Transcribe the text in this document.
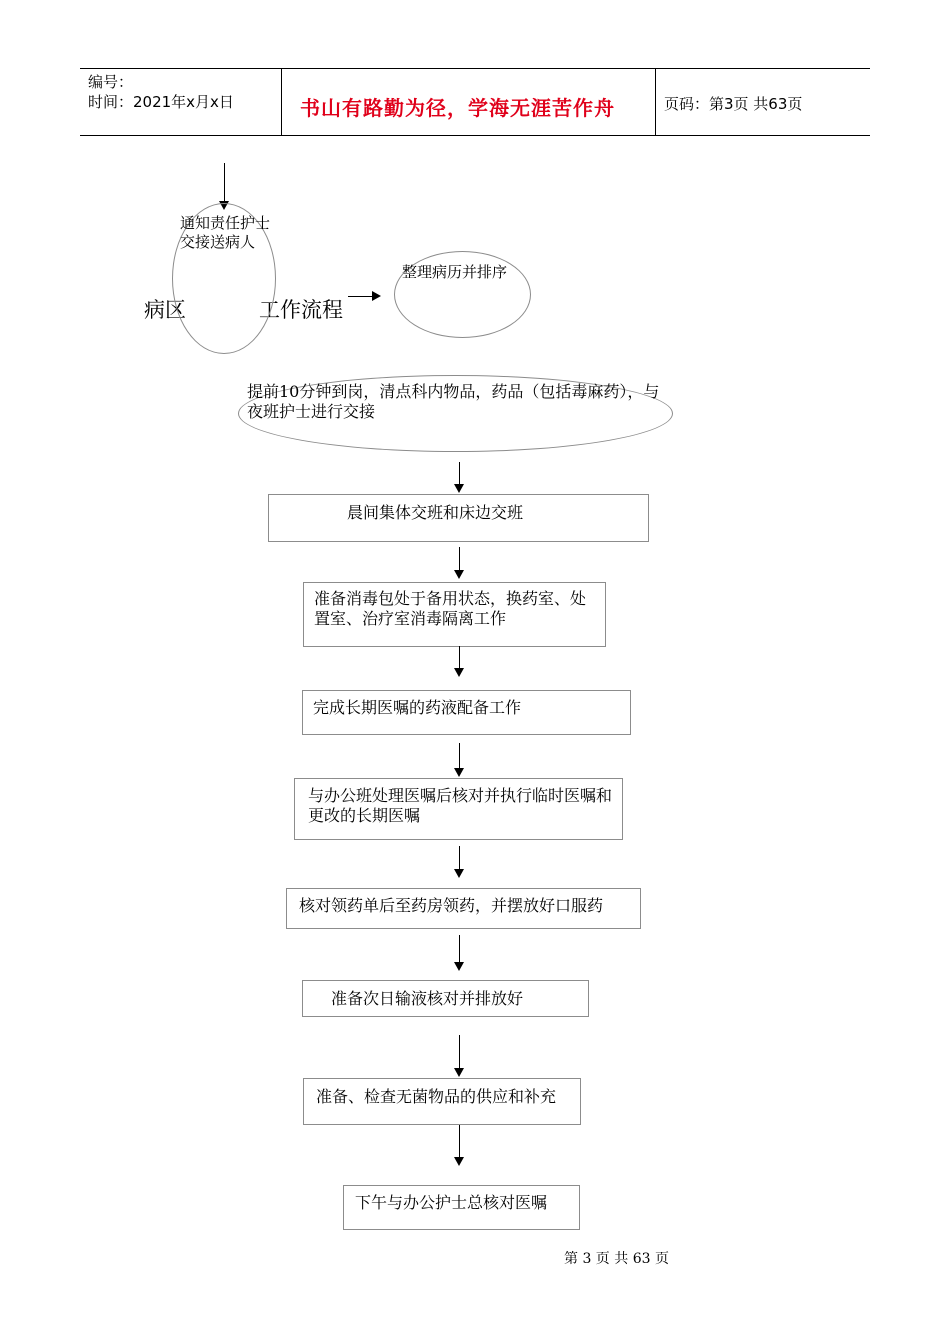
编号：
时间：2021年x月x日	书山有路勤为径，学海无涯苦作舟	页码：第3页 共63页
病区	工作流程
通知责任护士交接送病人
整理病历并排序
提前10分钟到岗，清点科内物品，药品（包括毒麻药），与夜班护士进行交接
晨间集体交班和床边交班
准备消毒包处于备用状态，换药室、处置室、治疗室消毒隔离工作
完成长期医嘱的药液配备工作
与办公班处理医嘱后核对并执行临时医嘱和更改的长期医嘱
核对领药单后至药房领药，并摆放好口服药
准备次日输液核对并排放好
准备、检查无菌物品的供应和补充
下午与办公护士总核对医嘱
第 3 页 共 63 页
